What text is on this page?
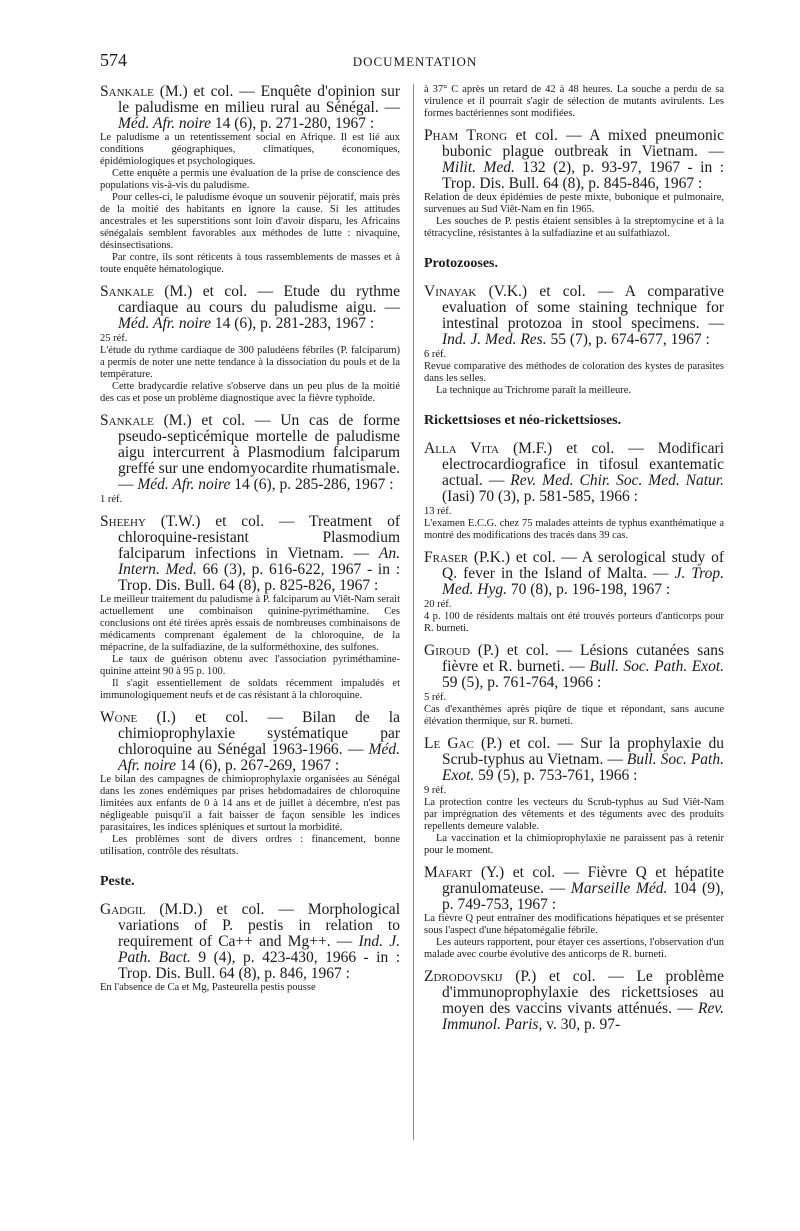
574	DOCUMENTATION

Sankale (M.) et col. — Enquête d'opinion sur le paludisme en milieu rural au Sénégal. — Méd. Afr. noire 14 (6), p. 271-280, 1967 :

Le paludisme a un retentissement social en Afrique. Il est lié aux conditions géographiques, climatiques, économiques, épidémiologiques et psychologiques.

Cette enquête a permis une évaluation de la prise de conscience des populations vis-à-vis du paludisme.

Pour celles-ci, le paludisme évoque un souvenir péjoratif, mais près de la moitié des habitants en ignore la cause. Si les attitudes ancestrales et les superstitions sont loin d'avoir disparu, les Africains sénégalais semblent favorables aux méthodes de lutte : nivaquine, désinsectisations.

Par contre, ils sont réticents à tous rassemblements de masses et à toute enquête hématologique.

Sankale (M.) et col. — Etude du rythme cardiaque au cours du paludisme aigu. — Méd. Afr. noire 14 (6), p. 281-283, 1967 :

25 réf.

L'étude du rythme cardiaque de 300 paludéens fébriles (P. falciparum) a permis de noter une nette tendance à la dissociation du pouls et de la température.

Cette bradycardie relative s'observe dans un peu plus de la moitié des cas et pose un problème diagnostique avec la fièvre typhoïde.

Sankale (M.) et col. — Un cas de forme pseudo-septicémique mortelle de paludisme aigu intercurrent à Plasmodium falciparum greffé sur une endomyocardite rhumatismale. — Méd. Afr. noire 14 (6), p. 285-286, 1967 :

1 réf.

Sheehy (T.W.) et col. — Treatment of chloroquine-resistant Plasmodium falciparum infections in Vietnam. — An. Intern. Med. 66 (3), p. 616-622, 1967 - in : Trop. Dis. Bull. 64 (8), p. 825-826, 1967 :

Le meilleur traitement du paludisme à P. falciparum au Viêt-Nam serait actuellement une combinaison quinine-pyriméthamine. Ces conclusions ont été tirées après essais de nombreuses combinaisons de médicaments comprenant également de la chloroquine, de la mépacrine, de la sulfadiazine, de la sulforméthoxine, des sulfones.

Le taux de guérison obtenu avec l'association pyriméthamine-quinine atteint 90 à 95 p. 100.

Il s'agit essentiellement de soldats récemment impaludés et immunologiquement neufs et de cas résistant à la chloroquine.

Wone (I.) et col. — Bilan de la chimioprophylaxie systématique par chloroquine au Sénégal 1963-1966. — Méd. Afr. noire 14 (6), p. 267-269, 1967 :

Le bilan des campagnes de chimioprophylaxie organisées au Sénégal dans les zones endémiques par prises hebdomadaires de chloroquine limitées aux enfants de 0 à 14 ans et de juillet à décembre, n'est pas négligeable puisqu'il a fait baisser de façon sensible les indices parasitaires, les indices spléniques et surtout la morbidité.

Les problèmes sont de divers ordres : financement, bonne utilisation, contrôle des résultats.

Peste.

Gadgil (M.D.) et col. — Morphological variations of P. pestis in relation to requirement of Ca++ and Mg++. — Ind. J. Path. Bact. 9 (4), p. 423-430, 1966 - in : Trop. Dis. Bull. 64 (8), p. 846, 1967 :

En l'absence de Ca et Mg, Pasteurella pestis pousse

à 37° C après un retard de 42 à 48 heures. La souche a perdu de sa virulence et il pourrait s'agir de sélection de mutants avirulents. Les formes bactériennes sont modifiées.

Pham Trong et col. — A mixed pneumonic bubonic plague outbreak in Vietnam. — Milit. Med. 132 (2), p. 93-97, 1967 - in : Trop. Dis. Bull. 64 (8), p. 845-846, 1967 :

Relation de deux épidémies de peste mixte, bubonique et pulmonaire, survenues au Sud Viêt-Nam en fin 1965.

Les souches de P. pestis étaient sensibles à la streptomycine et à la tétracycline, résistantes à la sulfadiazine et au sulfathiazol.

Protozooses.

Vinayak (V.K.) et col. — A comparative evaluation of some staining technique for intestinal protozoa in stool specimens. — Ind. J. Med. Res. 55 (7), p. 674-677, 1967 :

6 réf.

Revue comparative des méthodes de coloration des kystes de parasites dans les selles.

La technique au Trichrome paraît la meilleure.

Rickettsioses et néo-rickettsioses.

Alla Vita (M.F.) et col. — Modificari electrocardiografice in tifosul exantematic actual. — Rev. Med. Chir. Soc. Med. Natur. (Iasi) 70 (3), p. 581-585, 1966 :

13 réf.

L'examen E.C.G. chez 75 malades atteints de typhus exanthématique a montré des modifications des tracés dans 39 cas.

Fraser (P.K.) et col. — A serological study of Q. fever in the Island of Malta. — J. Trop. Med. Hyg. 70 (8), p. 196-198, 1967 :

20 réf.

4 p. 100 de résidents maltais ont été trouvés porteurs d'anticorps pour R. burneti.

Giroud (P.) et col. — Lésions cutanées sans fièvre et R. burneti. — Bull. Soc. Path. Exot. 59 (5), p. 761-764, 1966 :

5 réf.

Cas d'exanthèmes après piqûre de tique et répondant, sans aucune élévation thermique, sur R. burneti.

Le Gac (P.) et col. — Sur la prophylaxie du Scrub-typhus au Vietnam. — Bull. Soc. Path. Exot. 59 (5), p. 753-761, 1966 :

9 réf.

La protection contre les vecteurs du Scrub-typhus au Sud Viêt-Nam par imprégnation des vêtements et des téguments avec des produits repellents demeure valable.

La vaccination et la chimioprophylaxie ne paraissent pas à retenir pour le moment.

Mafart (Y.) et col. — Fièvre Q et hépatite granulomateuse. — Marseille Méd. 104 (9), p. 749-753, 1967 :

La fièvre Q peut entraîner des modifications hépatiques et se présenter sous l'aspect d'une hépatomégalie fébrile.

Les auteurs rapportent, pour étayer ces assertions, l'observation d'un malade avec courbe évolutive des anticorps de R. burneti.

Zdrodovskij (P.) et col. — Le problème d'immunoprophylaxie des rickettsioses au moyen des vaccins vivants atténués. — Rev. Immunol. Paris, v. 30, p. 97-
